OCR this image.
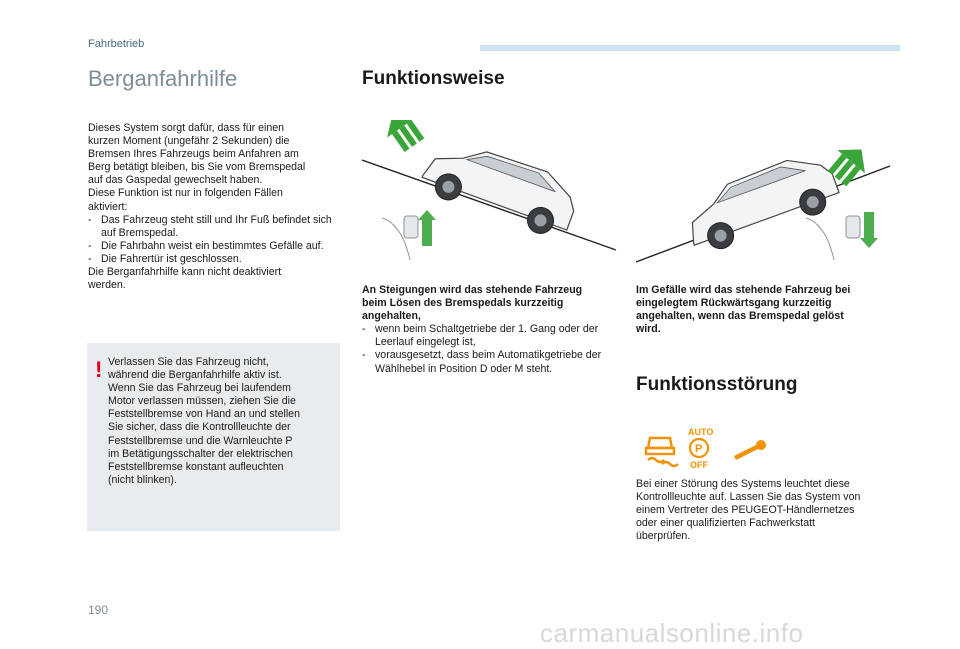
Fahrbetrieb
Berganfahrhilfe

Dieses System sorgt dafür, dass für einen

kurzen Moment (ungefähr 2 Sekunden) die

Bremsen Ihres Fahrzeugs beim Anfahren am

Berg betätigt bleiben, bis Sie vom Bremspedal

auf das Gaspedal gewechselt haben.

Diese Funktion ist nur in folgenden Fällen

aktiviert:

- Das Fahrzeug steht still und Ihr Fuß befindet sich auf Bremspedal.
- Die Fahrbahn weist ein bestimmtes Gefälle auf.
- Die Fahrertür ist geschlossen.

Die Berganfahrhilfe kann nicht deaktiviert

werden.

! Verlassen Sie das Fahrzeug nicht,

während die Berganfahrhilfe aktiv ist.

Wenn Sie das Fahrzeug bei laufendem

Motor verlassen müssen, ziehen Sie die

Feststellbremse von Hand an und stellen

Sie sicher, dass die Kontrollleuchte der

Feststellbremse und die Warnleuchte P

im Betätigungsschalter der elektrischen

Feststellbremse konstant aufleuchten

(nicht blinken).

Funktionsweise

An Steigungen wird das stehende Fahrzeug

beim Lösen des Bremspedals kurzzeitig

angehalten,

- wenn beim Schaltgetriebe der 1. Gang oder der Leerlauf eingelegt ist,
- vorausgesetzt, dass beim Automatikgetriebe der Wählhebel in Position D oder M steht.

Im Gefälle wird das stehende Fahrzeug bei

eingelegtem Rückwärtsgang kurzzeitig

angehalten, wenn das Bremspedal gelöst

wird.

Funktionsstörung
AUTO
P
OFF

Bei einer Störung des Systems leuchtet diese

Kontrollleuchte auf. Lassen Sie das System von

einem Vertreter des PEUGEOT-Händlernetzes

oder einer qualifizierten Fachwerkstatt

überprüfen.

190
carmanualsonline.info
